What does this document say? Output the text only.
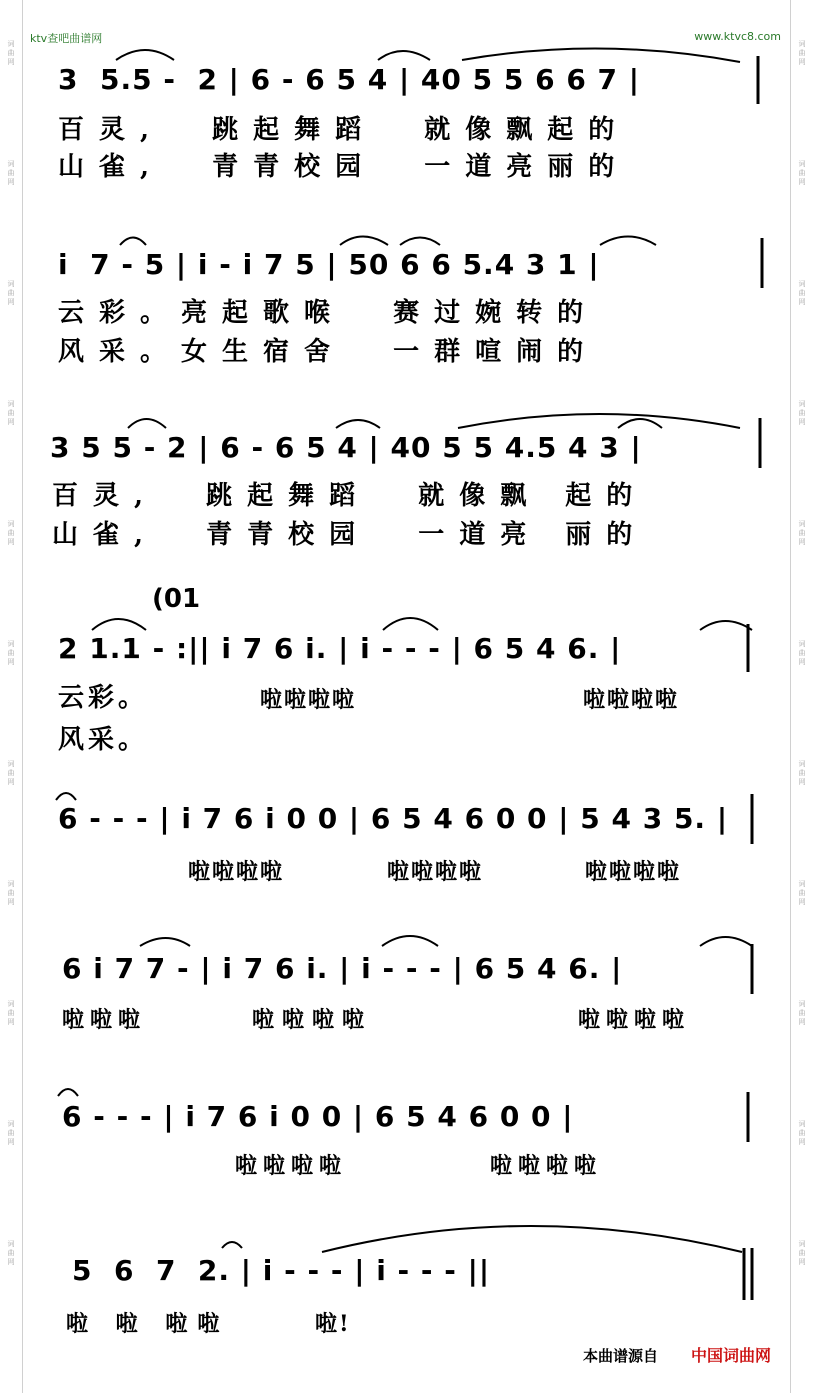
词
曲
网
词
曲
网
词
曲
网
词
曲
网
词
曲
网
词
曲
网
词
曲
网
词
曲
网
词
曲
网
词
曲
网
词
曲
网
词
曲
网
词
曲
网
词
曲
网
词
曲
网
词
曲
网
词
曲
网
词
曲
网
词
曲
网
词
曲
网
词
曲
网
词
曲
网
ktv查吧曲谱网	www.ktvc8.com
3  5.5 -  2 | 6 - 6 5 4 | 40 5 5 6 6 7 |
百灵,  跳起舞蹈  就像飘起的
山雀,  青青校园  一道亮丽的
i  7 - 5 | i - i 7 5 | 50 6 6 5.4 3 1 |
云彩。亮起歌喉  赛过婉转的
风采。女生宿舍  一群喧闹的
3 5 5 - 2 | 6 - 6 5 4 | 40 5 5 4.5 4 3 |
百灵,  跳起舞蹈  就像飘 起的
山雀,  青青校园  一道亮 丽的
(01
2 1.1 - :|| i 7 6 i. | i - - - | 6 5 4 6. |
云彩。	啦啦啦啦	啦啦啦啦
风采。
6 - - - | i 7 6 i 0 0 | 6 5 4 6 0 0 | 5 4 3 5. |
啦啦啦啦	啦啦啦啦	啦啦啦啦
6 i 7 7 - | i 7 6 i. | i - - - | 6 5 4 6. |
啦啦啦	啦啦啦啦	啦啦啦啦
6 - - - | i 7 6 i 0 0 | 6 5 4 6 0 0 |
啦啦啦啦	啦啦啦啦
5  6  7  2. | i - - - | i - - - ||
啦 啦 啦啦	啦!
本曲谱源自 中国词曲网
